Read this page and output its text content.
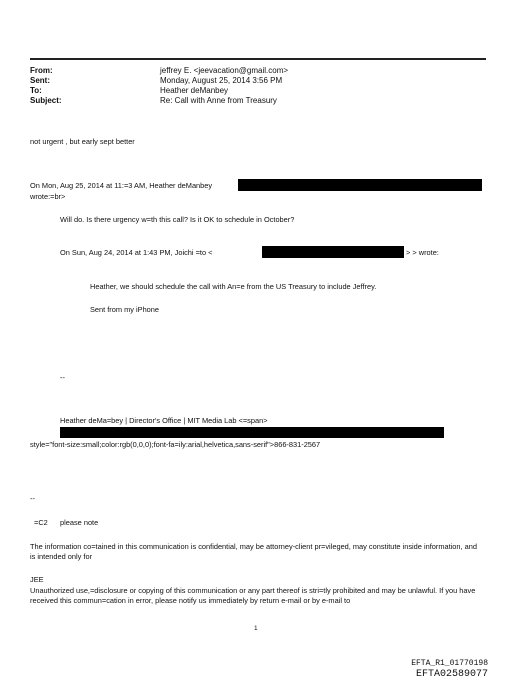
From:	jeffrey E. <jeevacation@gmail.com>
Sent:	Monday, August 25, 2014 3:56 PM
To:	Heather deManbey
Subject:	Re: Call with Anne from Treasury
not urgent , but early sept better
On Mon, Aug 25, 2014 at 11:=3 AM, Heather deManbey
wrote:=br>
Will do. Is there urgency w=th this call? Is it OK to schedule in October?
On Sun, Aug 24, 2014 at 1:43 PM, Joichi =to <	> > wrote:
Heather, we should schedule the call with An=e from the US Treasury to include Jeffrey.
Sent from my iPhone
--
Heather deMa=bey | Director's Office | MIT Media Lab <=span>
style="font-size:small;color:rgb(0,0,0);font-fa=ily:arial,helvetica,sans-serif">866-831-2567
--
=C2 please note
The information co=tained in this communication is confidential, may be attorney-client pr=vileged, may constitute inside information, and is intended only for
JEE
Unauthorized use,=disclosure or copying of this communication or any part thereof is stri=tly prohibited and may be unlawful. If you have received this commun=cation in error, please notify us immediately by return e-mail or by e-mail to
1
EFTA_R1_01770198
EFTA02589077
